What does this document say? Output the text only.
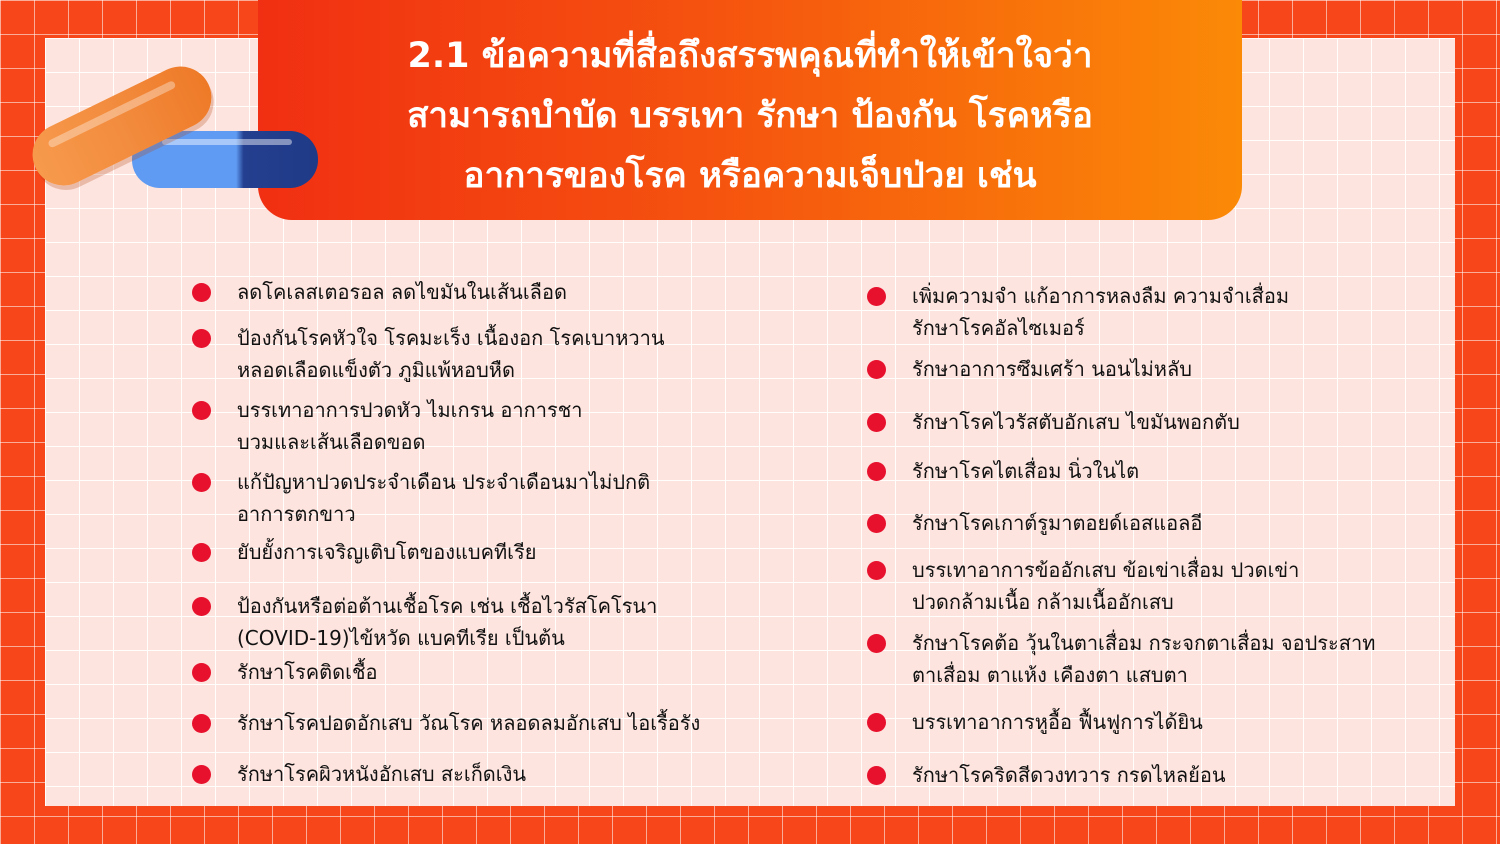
ลดโคเลสเตอรอล ลดไขมันในเส้นเลือด
ป้องกันโรคหัวใจ โรคมะเร็ง เนื้องอก โรคเบาหวาน
หลอดเลือดแข็งตัว ภูมิแพ้หอบหืด
บรรเทาอาการปวดหัว ไมเกรน อาการชา
บวมและเส้นเลือดขอด
แก้ปัญหาปวดประจำเดือน ประจำเดือนมาไม่ปกติ
อาการตกขาว
ยับยั้งการเจริญเติบโตของแบคทีเรีย
ป้องกันหรือต่อต้านเชื้อโรค เช่น เชื้อไวรัสโคโรนา
(COVID-19)ไข้หวัด แบคทีเรีย เป็นต้น
รักษาโรคติดเชื้อ
รักษาโรคปอดอักเสบ วัณโรค หลอดลมอักเสบ ไอเรื้อรัง
รักษาโรคผิวหนังอักเสบ สะเก็ดเงิน
เพิ่มความจำ แก้อาการหลงลืม ความจำเสื่อม
รักษาโรคอัลไซเมอร์
รักษาอาการซึมเศร้า นอนไม่หลับ
รักษาโรคไวรัสตับอักเสบ ไขมันพอกตับ
รักษาโรคไตเสื่อม นิ่วในไต
รักษาโรคเกาต์รูมาตอยด์เอสแอลอี
บรรเทาอาการข้ออักเสบ ข้อเข่าเสื่อม ปวดเข่า
ปวดกล้ามเนื้อ กล้ามเนื้ออักเสบ
รักษาโรคต้อ วุ้นในตาเสื่อม กระจกตาเสื่อม จอประสาท
ตาเสื่อม ตาแห้ง เคืองตา แสบตา
บรรเทาอาการหูอื้อ ฟื้นฟูการได้ยิน
รักษาโรคริดสีดวงทวาร กรดไหลย้อน
2.1 ข้อความที่สื่อถึงสรรพคุณที่ทำให้เข้าใจว่า
สามารถบำบัด บรรเทา รักษา ป้องกัน โรคหรือ
อาการของโรค หรือความเจ็บป่วย เช่น
